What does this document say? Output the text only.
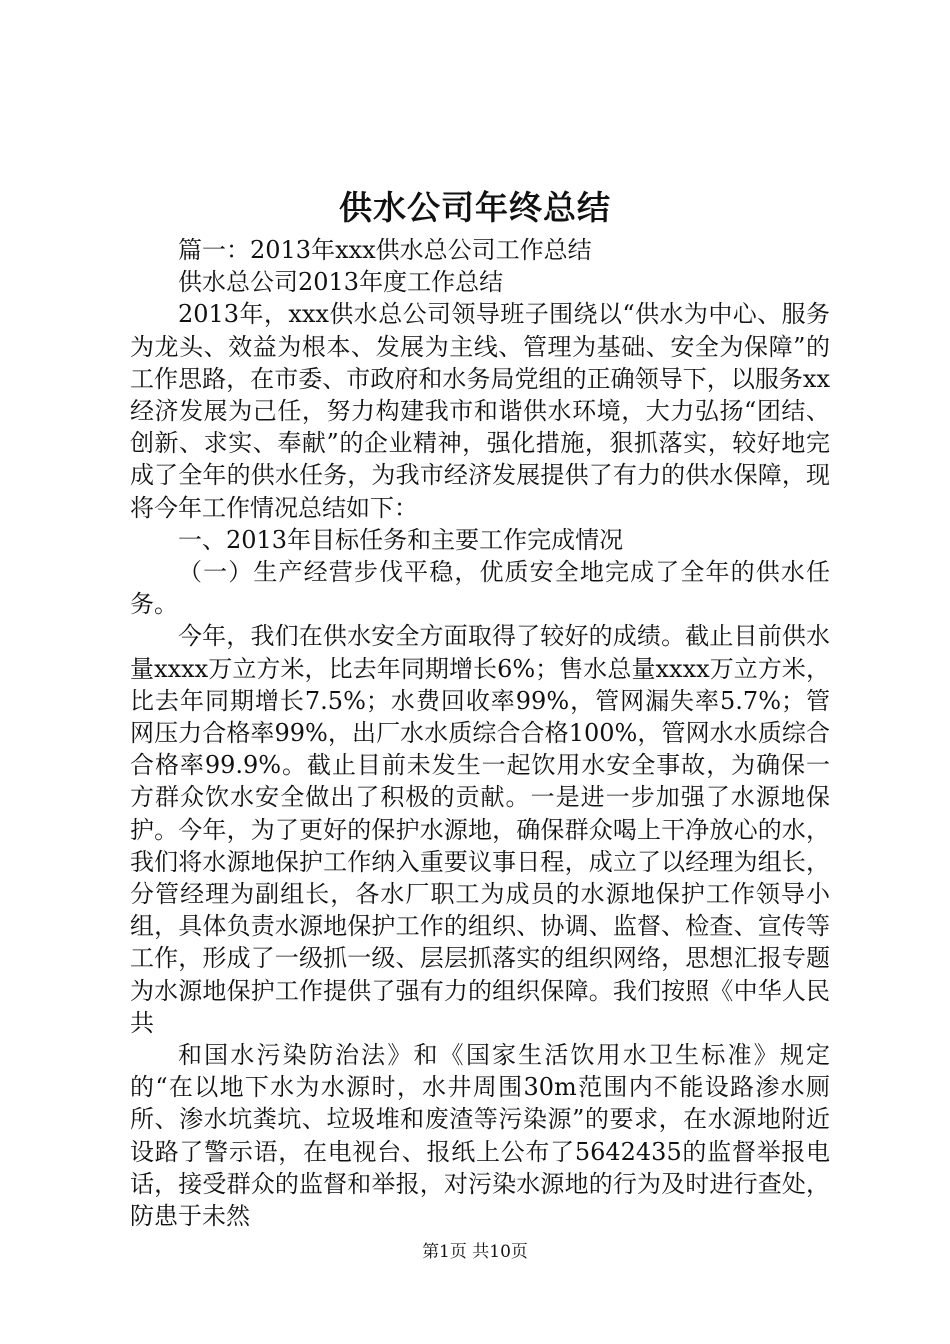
供水公司年终总结

篇一：2013年xxx供水总公司工作总结

供水总公司2013年度工作总结

2013年，xxx供水总公司领导班子围绕以“供水为中心、服务为龙头、效益为根本、发展为主线、管理为基础、安全为保障”的工作思路，在市委、市政府和水务局党组的正确领导下，以服务xx经济发展为己任，努力构建我市和谐供水环境，大力弘扬“团结、创新、求实、奉献”的企业精神，强化措施，狠抓落实，较好地完成了全年的供水任务，为我市经济发展提供了有力的供水保障，现将今年工作情况总结如下：

一、2013年目标任务和主要工作完成情况

（一）生产经营步伐平稳，优质安全地完成了全年的供水任务。

今年，我们在供水安全方面取得了较好的成绩。截止目前供水量xxxx万立方米，比去年同期增长6%；售水总量xxxx万立方米，比去年同期增长7.5%；水费回收率99%，管网漏失率5.7%；管网压力合格率99%，出厂水水质综合合格100%，管网水水质综合合格率99.9%。截止目前未发生一起饮用水安全事故，为确保一方群众饮水安全做出了积极的贡献。一是进一步加强了水源地保护。今年，为了更好的保护水源地，确保群众喝上干净放心的水，我们将水源地保护工作纳入重要议事日程，成立了以经理为组长，分管经理为副组长，各水厂职工为成员的水源地保护工作领导小组，具体负责水源地保护工作的组织、协调、监督、检查、宣传等工作，形成了一级抓一级、层层抓落实的组织网络，思想汇报专题为水源地保护工作提供了强有力的组织保障。我们按照《中华人民共

和国水污染防治法》和《国家生活饮用水卫生标准》规定的“在以地下水为水源时，水井周围30m范围内不能设路渗水厕所、渗水坑粪坑、垃圾堆和废渣等污染源”的要求，在水源地附近设路了警示语，在电视台、报纸上公布了5642435的监督举报电话，接受群众的监督和举报，对污染水源地的行为及时进行查处，防患于未然

第1页 共10页
